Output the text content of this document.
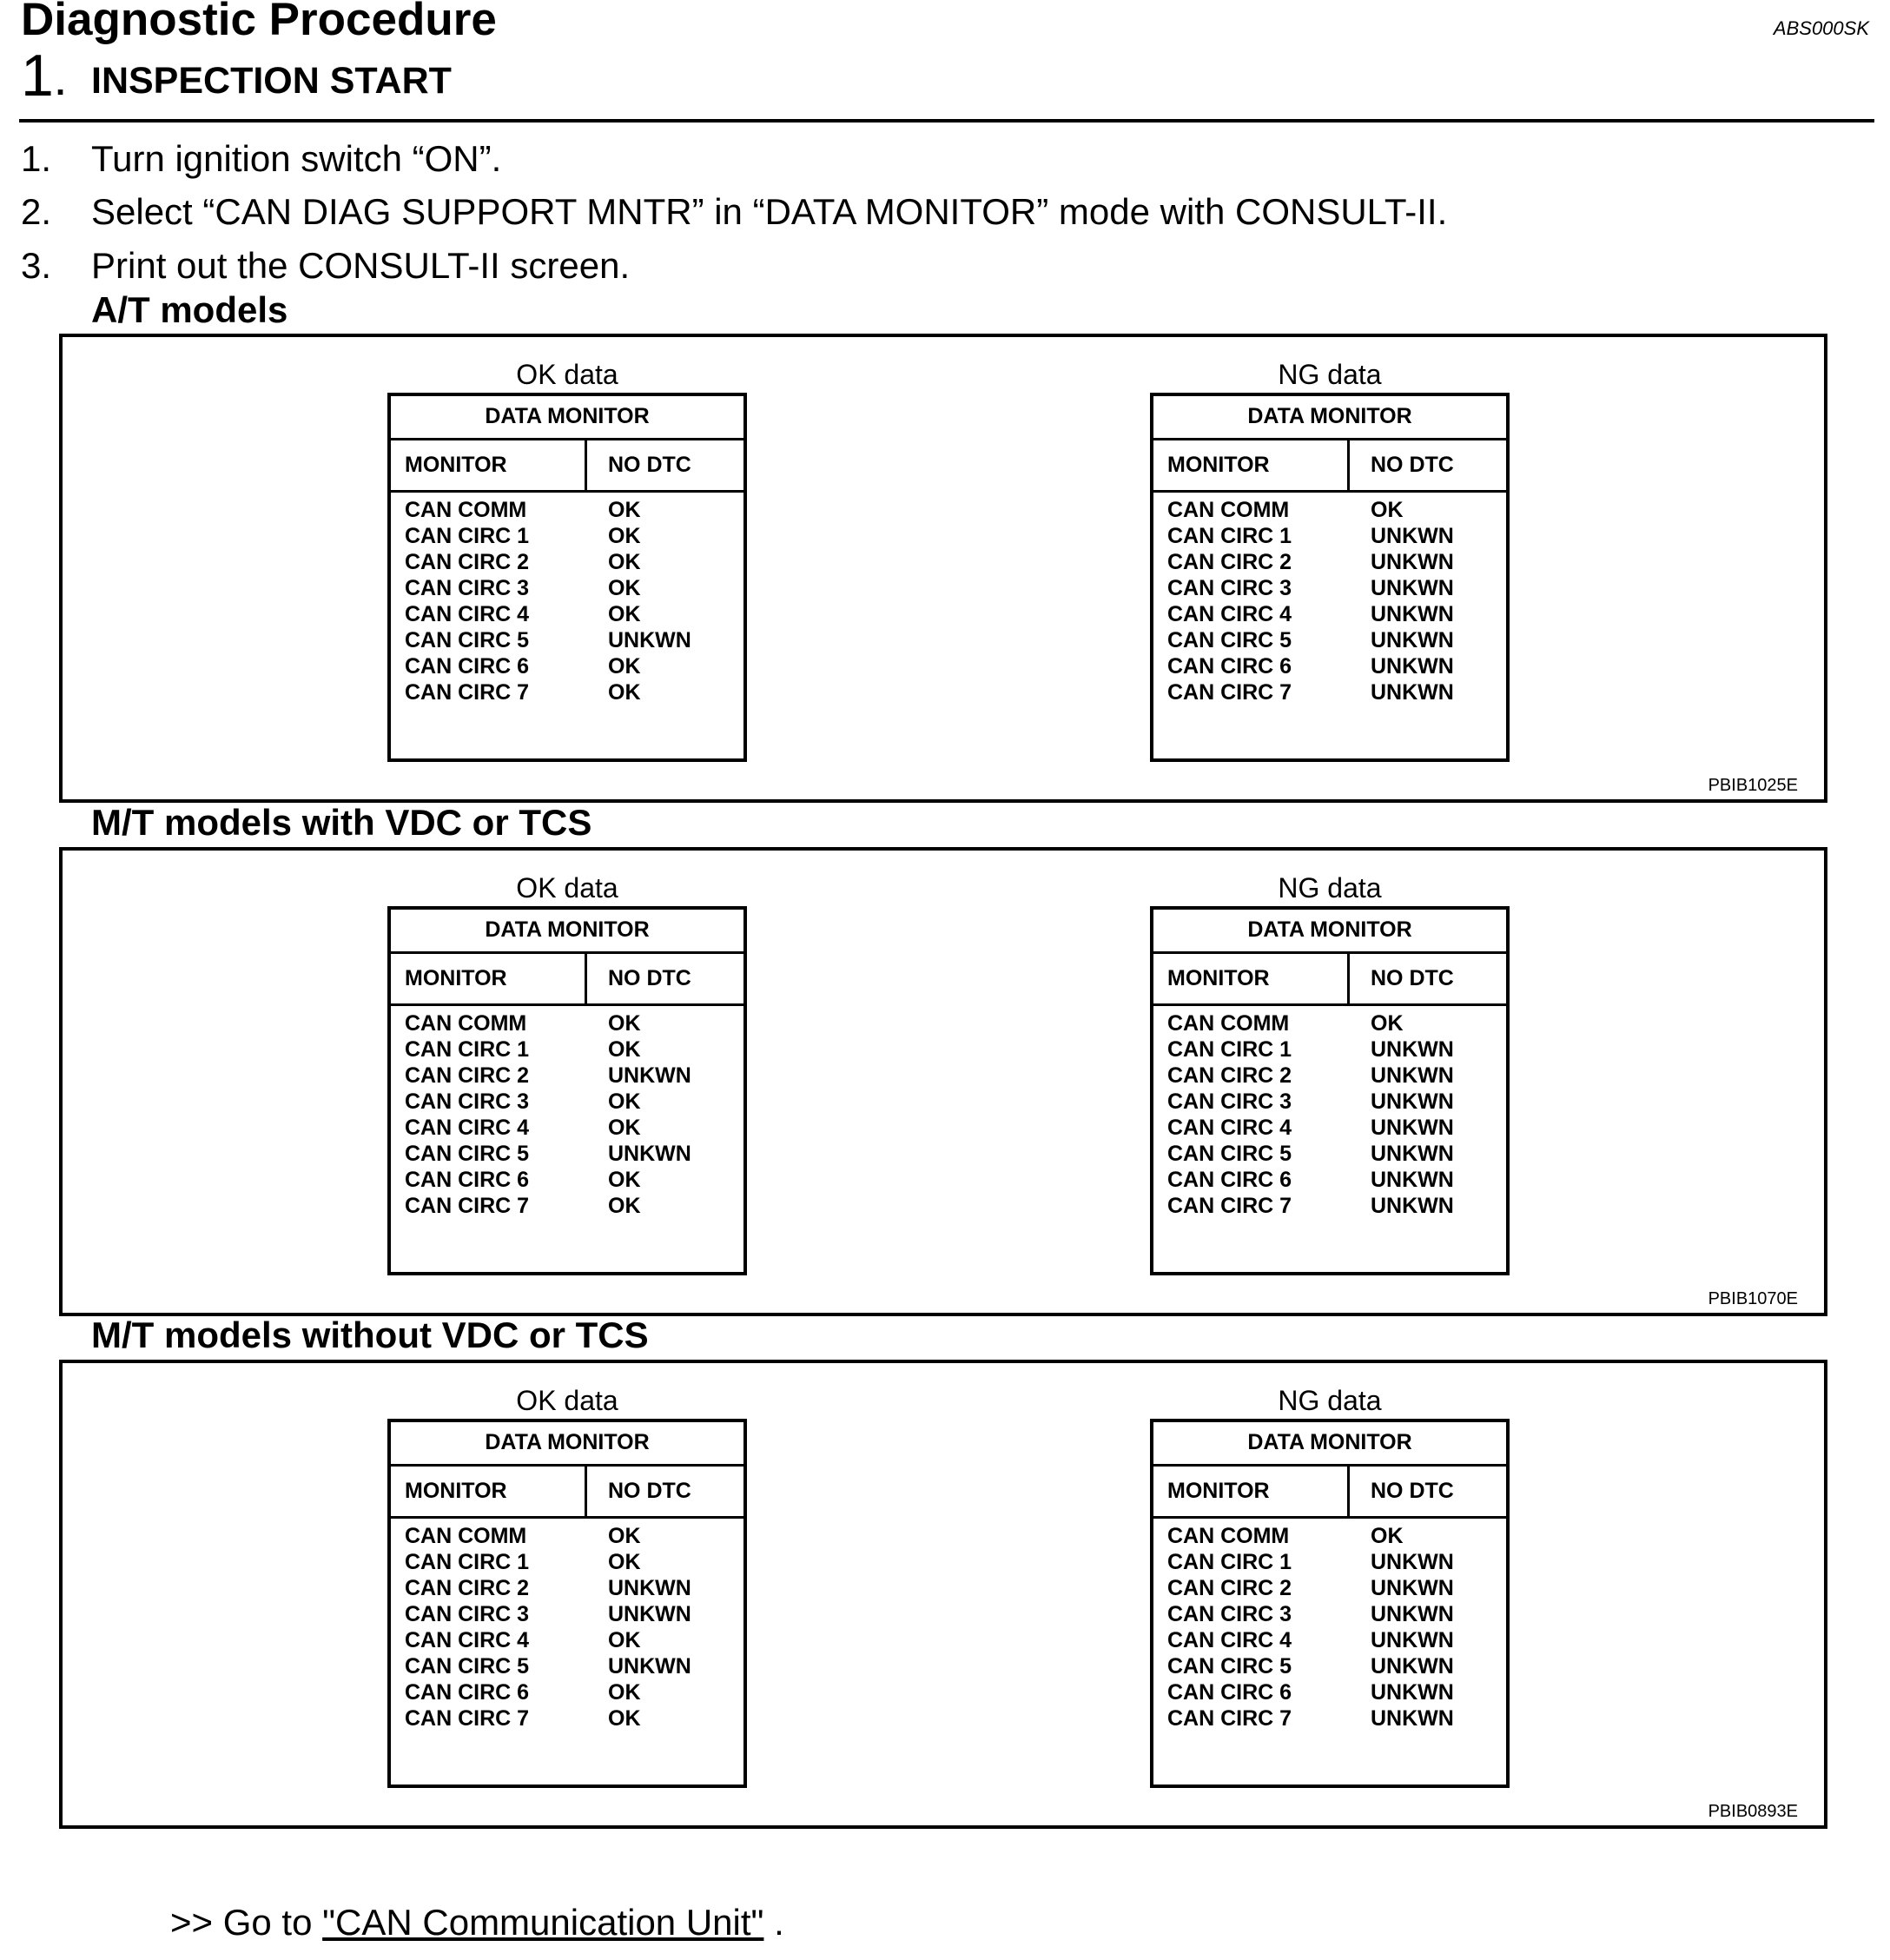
Diagnostic Procedure	ABS000SK
1 . INSPECTION START
1. Turn ignition switch “ON”.
2. Select “CAN DIAG SUPPORT MNTR” in “DATA MONITOR” mode with CONSULT-II.
3. Print out the CONSULT-II screen.
A/T models
OK data
DATA MONITOR
MONITOR	NO DTC
CAN COMM	OK
CAN CIRC 1	OK
CAN CIRC 2	OK
CAN CIRC 3	OK
CAN CIRC 4	OK
CAN CIRC 5	UNKWN
CAN CIRC 6	OK
CAN CIRC 7	OK
NG data
DATA MONITOR
MONITOR	NO DTC
CAN COMM	OK
CAN CIRC 1	UNKWN
CAN CIRC 2	UNKWN
CAN CIRC 3	UNKWN
CAN CIRC 4	UNKWN
CAN CIRC 5	UNKWN
CAN CIRC 6	UNKWN
CAN CIRC 7	UNKWN
PBIB1025E
M/T models with VDC or TCS
OK data
DATA MONITOR
MONITOR	NO DTC
CAN COMM	OK
CAN CIRC 1	OK
CAN CIRC 2	UNKWN
CAN CIRC 3	OK
CAN CIRC 4	OK
CAN CIRC 5	UNKWN
CAN CIRC 6	OK
CAN CIRC 7	OK
NG data
DATA MONITOR
MONITOR	NO DTC
CAN COMM	OK
CAN CIRC 1	UNKWN
CAN CIRC 2	UNKWN
CAN CIRC 3	UNKWN
CAN CIRC 4	UNKWN
CAN CIRC 5	UNKWN
CAN CIRC 6	UNKWN
CAN CIRC 7	UNKWN
PBIB1070E
M/T models without VDC or TCS
OK data
DATA MONITOR
MONITOR	NO DTC
CAN COMM	OK
CAN CIRC 1	OK
CAN CIRC 2	UNKWN
CAN CIRC 3	UNKWN
CAN CIRC 4	OK
CAN CIRC 5	UNKWN
CAN CIRC 6	OK
CAN CIRC 7	OK
NG data
DATA MONITOR
MONITOR	NO DTC
CAN COMM	OK
CAN CIRC 1	UNKWN
CAN CIRC 2	UNKWN
CAN CIRC 3	UNKWN
CAN CIRC 4	UNKWN
CAN CIRC 5	UNKWN
CAN CIRC 6	UNKWN
CAN CIRC 7	UNKWN
PBIB0893E
>> Go to "CAN Communication Unit" .
